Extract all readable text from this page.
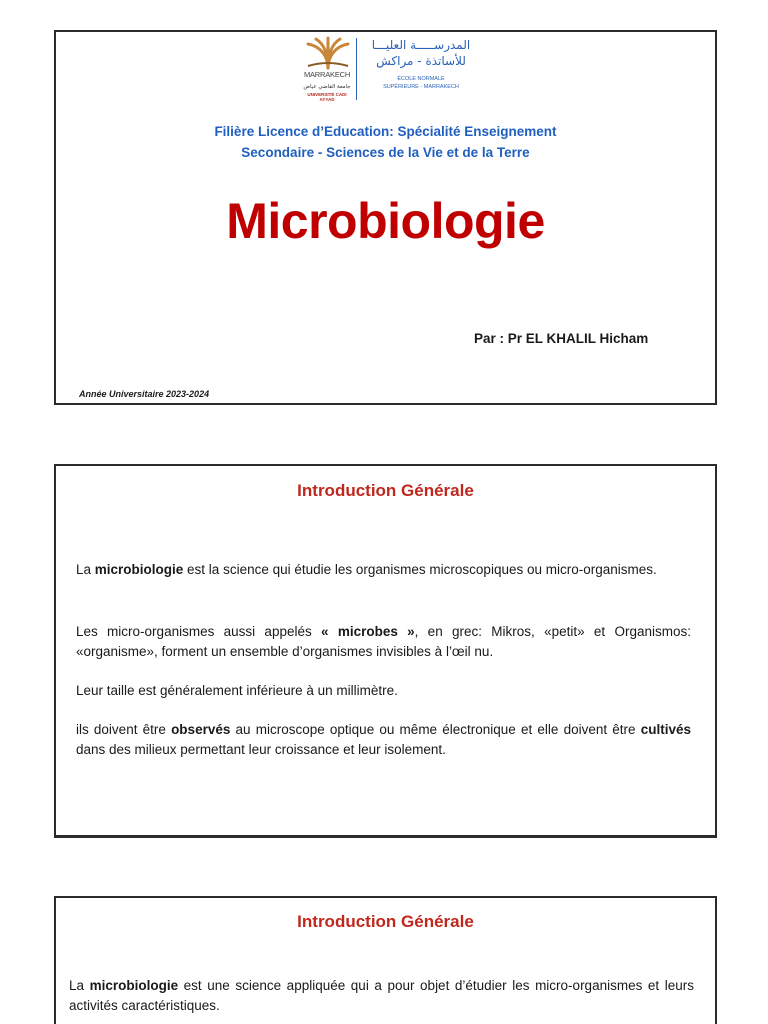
MARRAKECH
جامعة القاضي عياض
UNIVERSITÉ CADI AYYAD
المدرســـــة العليـــا
للأساتذة - مراكش
ÉCOLE NORMALE
SUPÉRIEURE - MARRAKECH
Filière Licence d’Education: Spécialité Enseignement
Secondaire - Sciences de la Vie et de la Terre
Microbiologie
Par : Pr EL KHALIL Hicham
Année Universitaire 2023-2024
Introduction Générale

La microbiologie est la science qui étudie les organismes microscopiques ou micro-organismes.

Les micro-organismes aussi appelés « microbes », en grec: Mikros, «petit» et Organismos: «organisme», forment un ensemble d’organismes invisibles à l’œil nu.

Leur taille est généralement inférieure à un millimètre.

ils doivent être observés au microscope optique ou même électronique et elle doivent être cultivés dans des milieux permettant leur croissance et leur isolement.

Introduction Générale

La microbiologie est une science appliquée qui a pour objet d’étudier les micro-organismes et leurs activités caractéristiques.
